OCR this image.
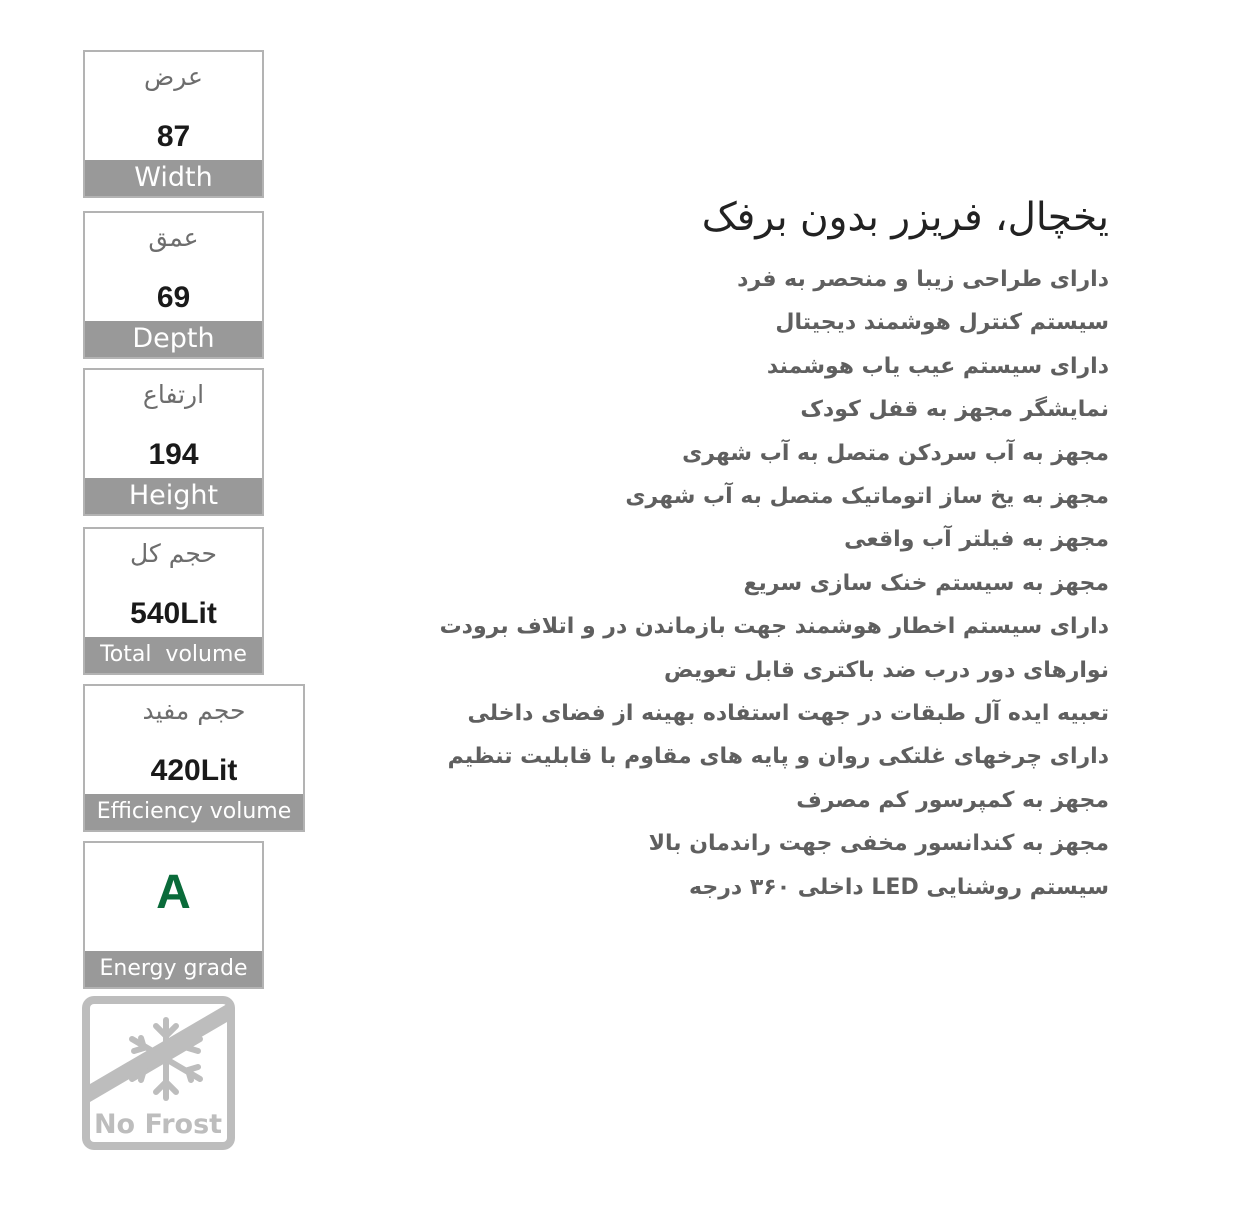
عرض
87
Width
عمق
69
Depth
ارتفاع
194
Height
حجم کل
540Lit
Total  volume
حجم مفید
420Lit
Efficiency volume
A
Energy grade
No Frost
یخچال، فریزر بدون برفک
دارای طراحی زیبا و منحصر به فرد
سیستم کنترل هوشمند دیجیتال
دارای سیستم عیب یاب هوشمند
نمایشگر مجهز به قفل کودک
مجهز به آب سردکن متصل به آب شهری
مجهز به یخ ساز اتوماتیک متصل به آب شهری
مجهز به فیلتر آب واقعی
مجهز به سیستم خنک سازی سریع
دارای سیستم اخطار هوشمند جهت بازماندن در و اتلاف برودت
نوارهای دور درب ضد باکتری قابل تعویض
تعبیه ایده آل طبقات در جهت استفاده بهینه از فضای داخلی
دارای چرخهای غلتکی روان و پایه های مقاوم با قابلیت تنظیم
مجهز به کمپرسور کم مصرف
مجهز به کندانسور مخفی جهت راندمان بالا
سیستم روشنایی LED داخلی ۳۶۰ درجه
